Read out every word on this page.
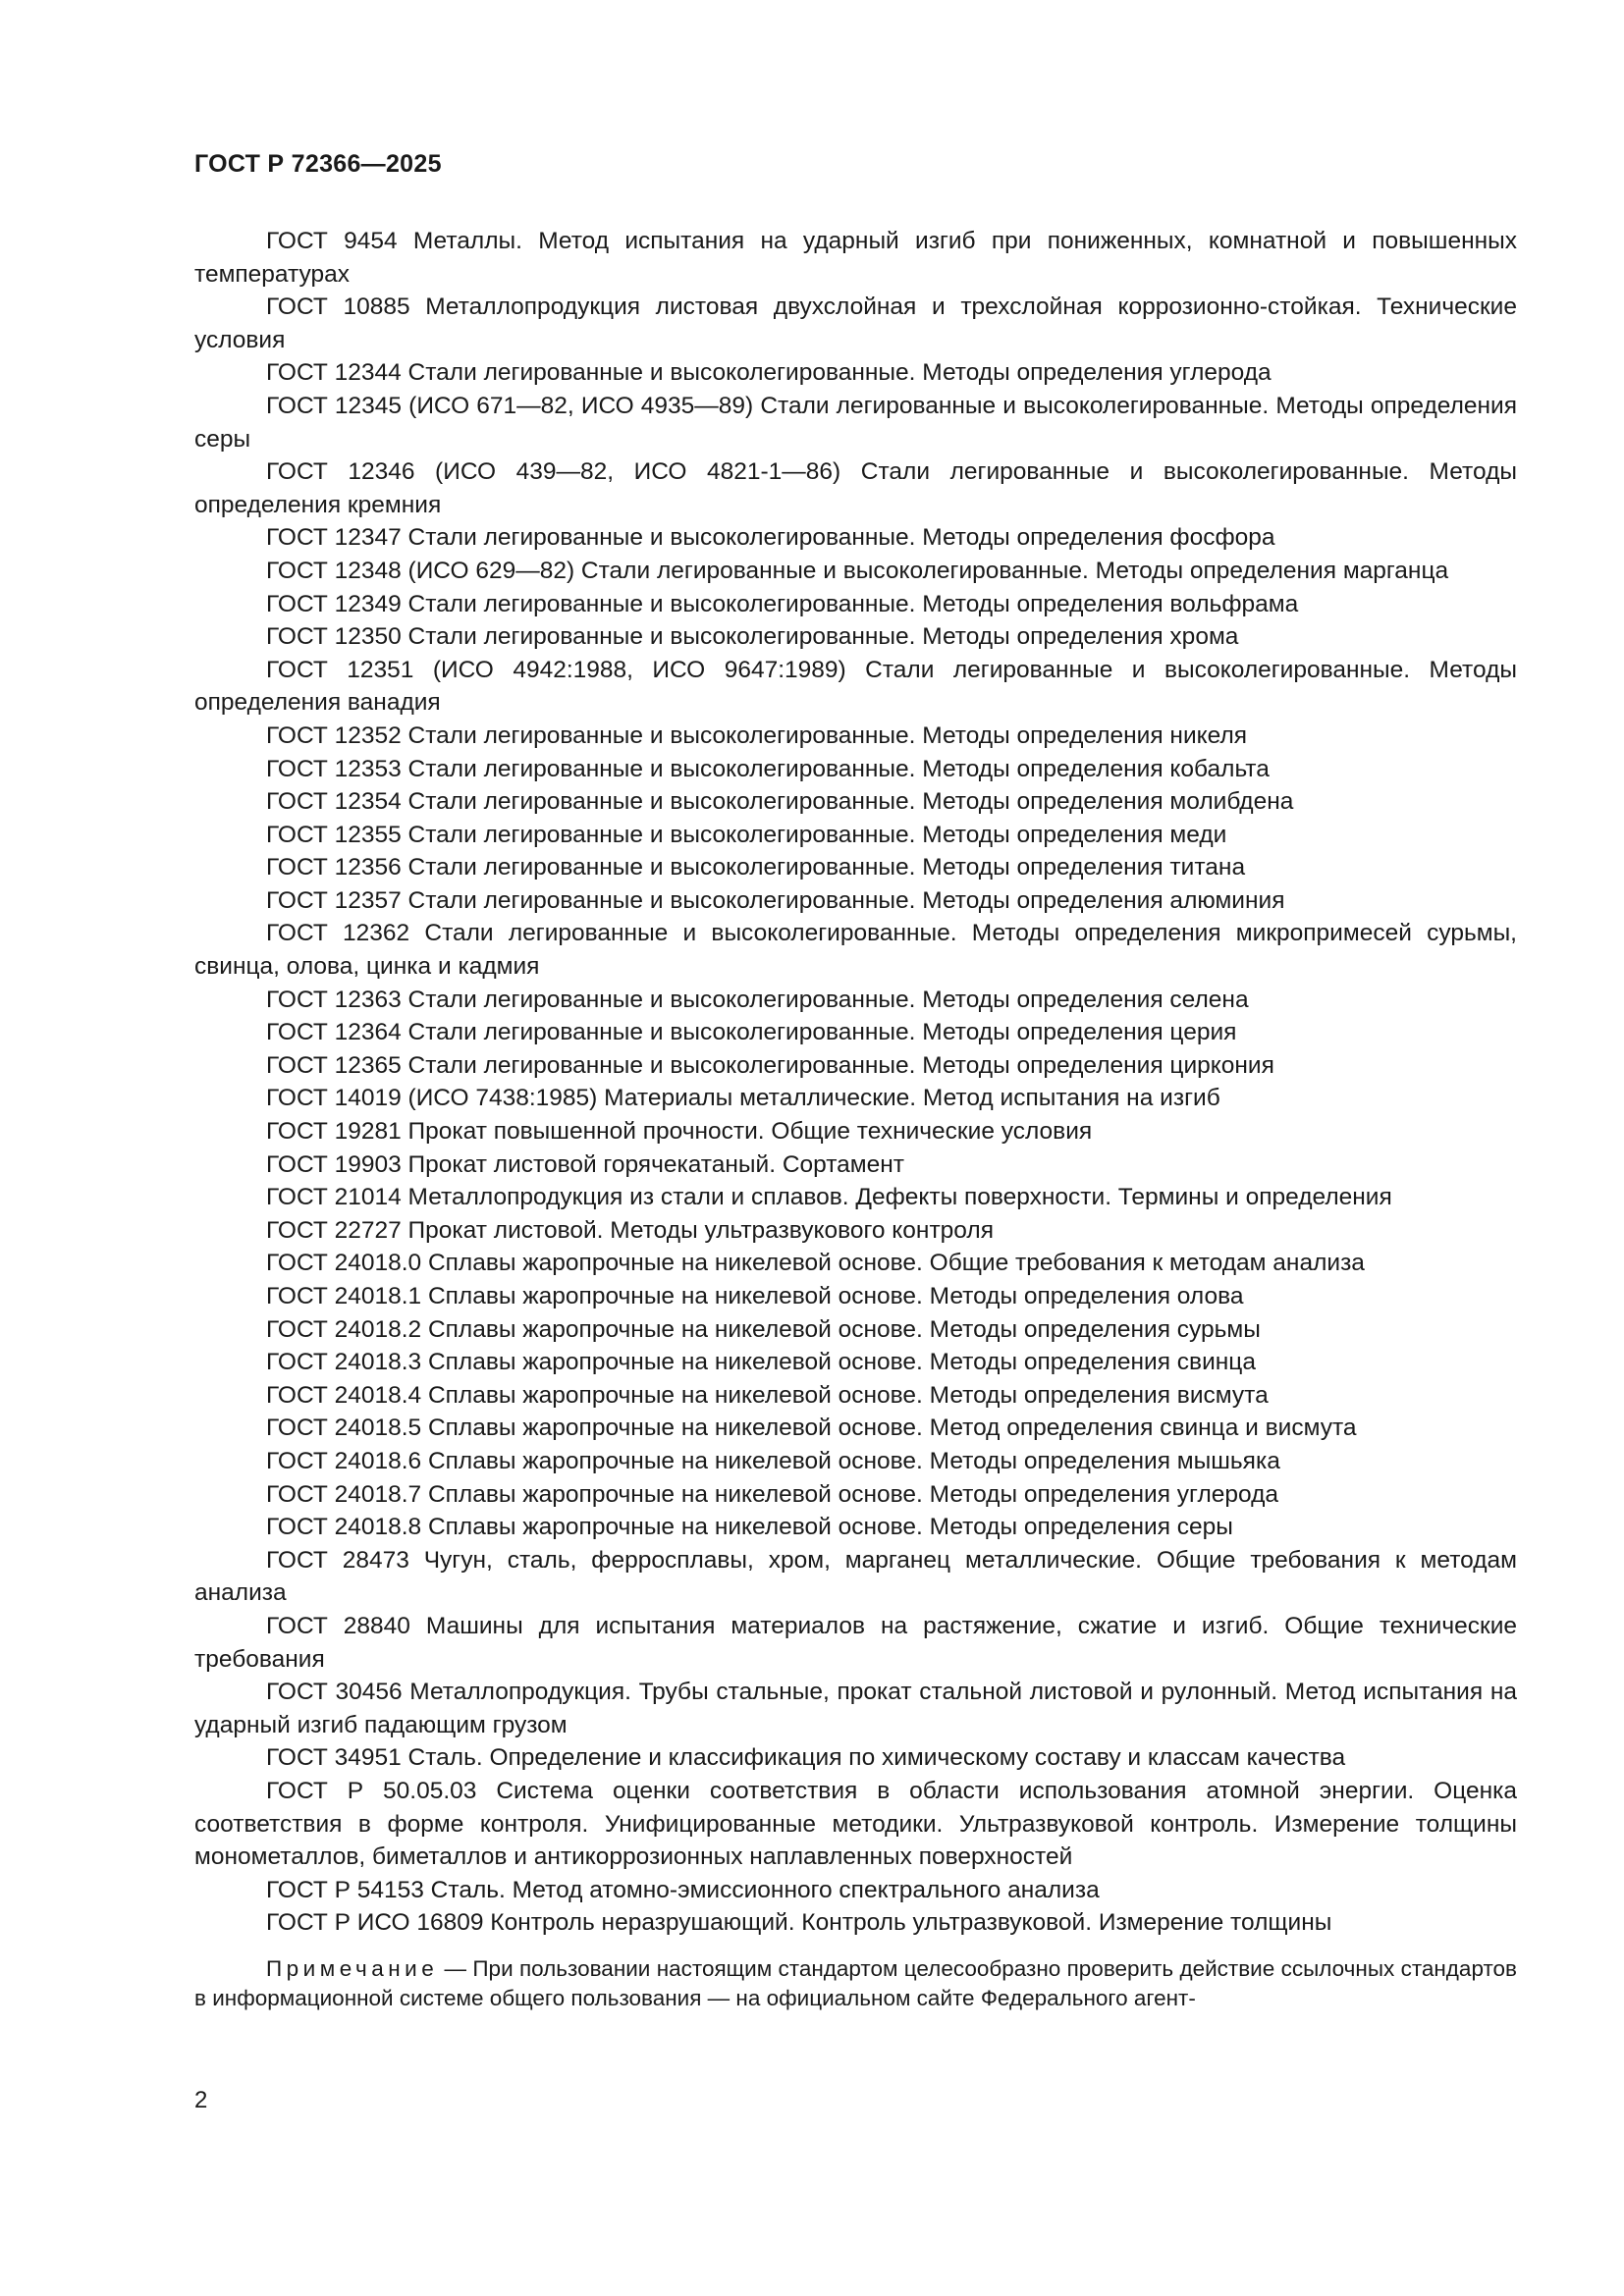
ГОСТ Р 72366—2025

ГОСТ 9454 Металлы. Метод испытания на ударный изгиб при пониженных, комнатной и повышенных температурах

ГОСТ 10885 Металлопродукция листовая двухслойная и трехслойная коррозионно-стойкая. Технические условия

ГОСТ 12344 Стали легированные и высоколегированные. Методы определения углерода

ГОСТ 12345 (ИСО 671—82, ИСО 4935—89) Стали легированные и высоколегированные. Методы определения серы

ГОСТ 12346 (ИСО 439—82, ИСО 4821-1—86) Стали легированные и высоколегированные. Методы определения кремния

ГОСТ 12347 Стали легированные и высоколегированные. Методы определения фосфора

ГОСТ 12348 (ИСО 629—82) Стали легированные и высоколегированные. Методы определения марганца

ГОСТ 12349 Стали легированные и высоколегированные. Методы определения вольфрама

ГОСТ 12350 Стали легированные и высоколегированные. Методы определения хрома

ГОСТ 12351 (ИСО 4942:1988, ИСО 9647:1989) Стали легированные и высоколегированные. Методы определения ванадия

ГОСТ 12352 Стали легированные и высоколегированные. Методы определения никеля

ГОСТ 12353 Стали легированные и высоколегированные. Методы определения кобальта

ГОСТ 12354 Стали легированные и высоколегированные. Методы определения молибдена

ГОСТ 12355 Стали легированные и высоколегированные. Методы определения меди

ГОСТ 12356 Стали легированные и высоколегированные. Методы определения титана

ГОСТ 12357 Стали легированные и высоколегированные. Методы определения алюминия

ГОСТ 12362 Стали легированные и высоколегированные. Методы определения микропримесей сурьмы, свинца, олова, цинка и кадмия

ГОСТ 12363 Стали легированные и высоколегированные. Методы определения селена

ГОСТ 12364 Стали легированные и высоколегированные. Методы определения церия

ГОСТ 12365 Стали легированные и высоколегированные. Методы определения циркония

ГОСТ 14019 (ИСО 7438:1985) Материалы металлические. Метод испытания на изгиб

ГОСТ 19281 Прокат повышенной прочности. Общие технические условия

ГОСТ 19903 Прокат листовой горячекатаный. Сортамент

ГОСТ 21014 Металлопродукция из стали и сплавов. Дефекты поверхности. Термины и определения

ГОСТ 22727 Прокат листовой. Методы ультразвукового контроля

ГОСТ 24018.0 Сплавы жаропрочные на никелевой основе. Общие требования к методам анализа

ГОСТ 24018.1 Сплавы жаропрочные на никелевой основе. Методы определения олова

ГОСТ 24018.2 Сплавы жаропрочные на никелевой основе. Методы определения сурьмы

ГОСТ 24018.3 Сплавы жаропрочные на никелевой основе. Методы определения свинца

ГОСТ 24018.4 Сплавы жаропрочные на никелевой основе. Методы определения висмута

ГОСТ 24018.5 Сплавы жаропрочные на никелевой основе. Метод определения свинца и висмута

ГОСТ 24018.6 Сплавы жаропрочные на никелевой основе. Методы определения мышьяка

ГОСТ 24018.7 Сплавы жаропрочные на никелевой основе. Методы определения углерода

ГОСТ 24018.8 Сплавы жаропрочные на никелевой основе. Методы определения серы

ГОСТ 28473 Чугун, сталь, ферросплавы, хром, марганец металлические. Общие требования к методам анализа

ГОСТ 28840 Машины для испытания материалов на растяжение, сжатие и изгиб. Общие технические требования

ГОСТ 30456 Металлопродукция. Трубы стальные, прокат стальной листовой и рулонный. Метод испытания на ударный изгиб падающим грузом

ГОСТ 34951 Сталь. Определение и классификация по химическому составу и классам качества

ГОСТ Р 50.05.03 Система оценки соответствия в области использования атомной энергии. Оценка соответствия в форме контроля. Унифицированные методики. Ультразвуковой контроль. Измерение толщины монометаллов, биметаллов и антикоррозионных наплавленных поверхностей

ГОСТ Р 54153 Сталь. Метод атомно-эмиссионного спектрального анализа

ГОСТ Р ИСО 16809 Контроль неразрушающий. Контроль ультразвуковой. Измерение толщины

Примечание — При пользовании настоящим стандартом целесообразно проверить действие ссылочных стандартов в информационной системе общего пользования — на официальном сайте Федерального агент-

2
